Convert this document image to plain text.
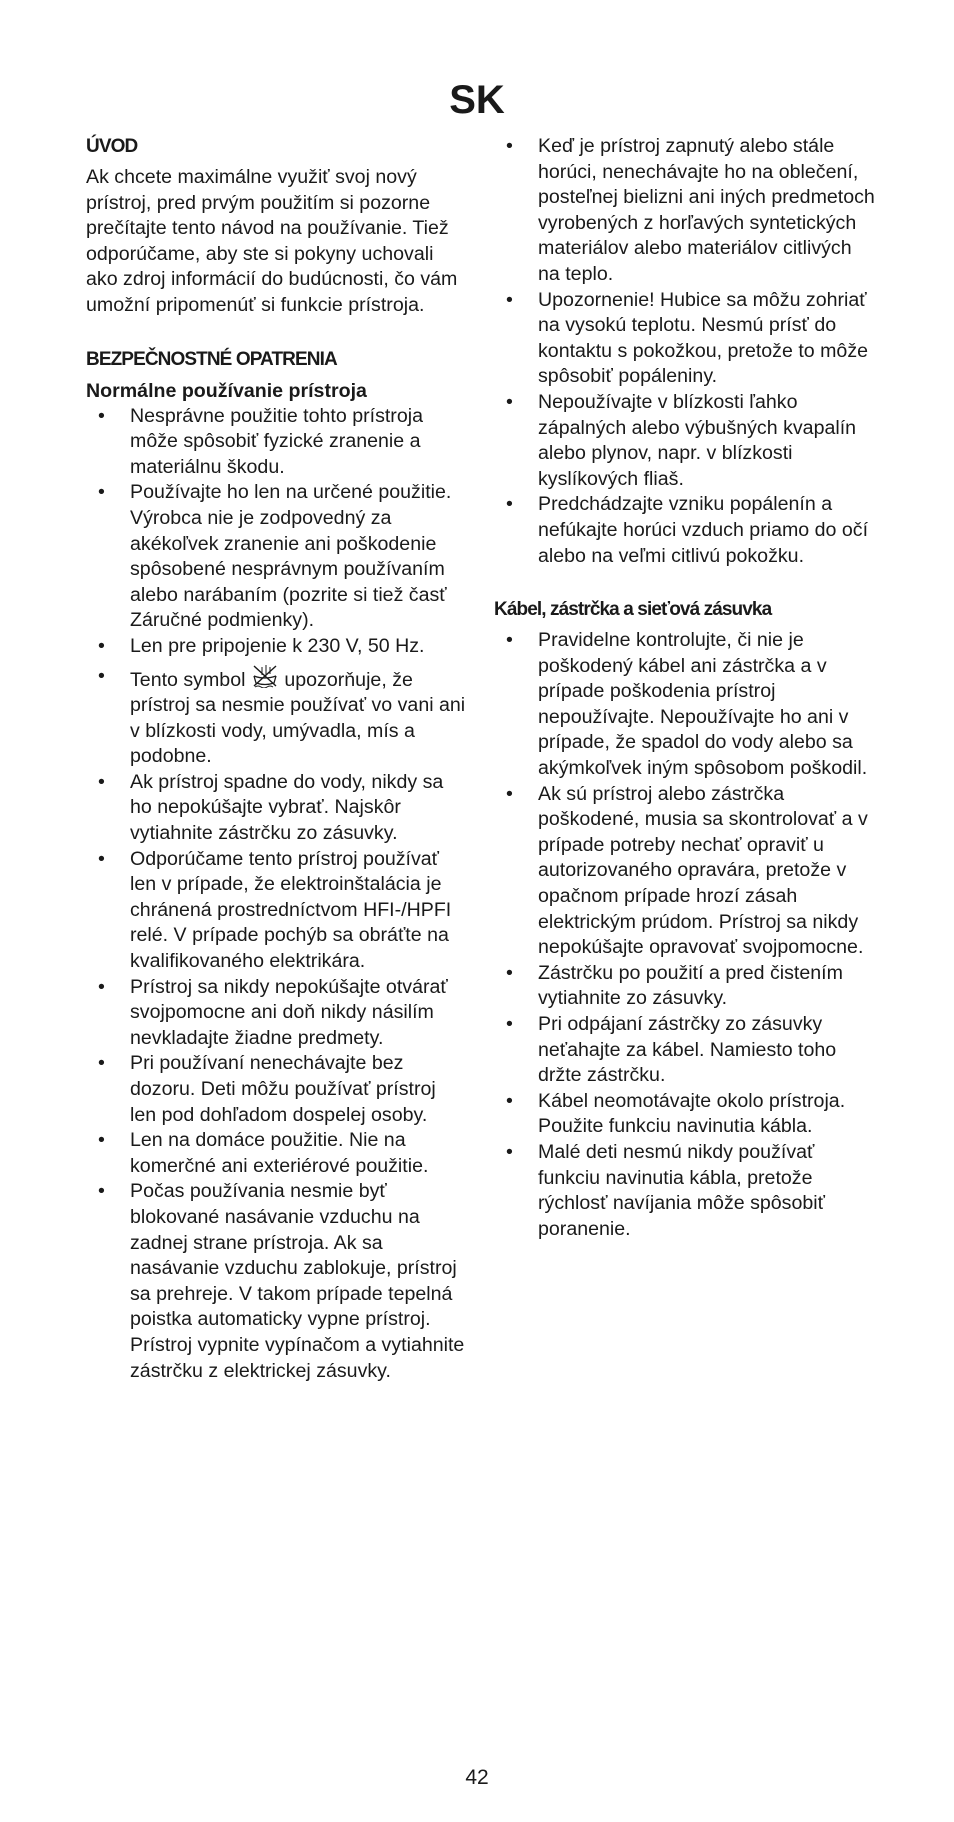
SK
ÚVOD

Ak chcete maximálne využiť svoj nový prístroj, pred prvým použitím si pozorne prečítajte tento návod na používanie. Tiež odporúčame, aby ste si pokyny uchovali ako zdroj informácií do budúcnosti, čo vám umožní pripomenúť si funkcie prístroja.

BEZPEČNOSTNÉ OPATRENIA
Normálne používanie prístroja
• Nesprávne použitie tohto prístroja môže spôsobiť fyzické zranenie a materiálnu škodu.
• Používajte ho len na určené použitie. Výrobca nie je zodpovedný za akékoľvek zranenie ani poškodenie spôsobené nesprávnym používaním alebo narábaním (pozrite si tiež časť Záručné podmienky).
• Len pre pripojenie k 230 V, 50 Hz.
• Tento symbol upozorňuje, že prístroj sa nesmie používať vo vani ani v blízkosti vody, umývadla, mís a podobne.
• Ak prístroj spadne do vody, nikdy sa ho nepokúšajte vybrať. Najskôr vytiahnite zástrčku zo zásuvky.
• Odporúčame tento prístroj používať len v prípade, že elektroinštalácia je chránená prostredníctvom HFI-/HPFI relé. V prípade pochýb sa obráťte na kvalifikovaného elektrikára.
• Prístroj sa nikdy nepokúšajte otvárať svojpomocne ani doň nikdy násilím nevkladajte žiadne predmety.
• Pri používaní nenechávajte bez dozoru. Deti môžu používať prístroj len pod dohľadom dospelej osoby.
• Len na domáce použitie. Nie na komerčné ani exteriérové použitie.
• Počas používania nesmie byť blokované nasávanie vzduchu na zadnej strane prístroja. Ak sa nasávanie vzduchu zablokuje, prístroj sa prehreje. V takom prípade tepelná poistka automaticky vypne prístroj. Prístroj vypnite vypínačom a vytiahnite zástrčku z elektrickej zásuvky.
• Keď je prístroj zapnutý alebo stále horúci, nenechávajte ho na oblečení, posteľnej bielizni ani iných predmetoch vyrobených z horľavých syntetických materiálov alebo materiálov citlivých na teplo.
• Upozornenie! Hubice sa môžu zohriať na vysokú teplotu. Nesmú prísť do kontaktu s pokožkou, pretože to môže spôsobiť popáleniny.
• Nepoužívajte v blízkosti ľahko zápalných alebo výbušných kvapalín alebo plynov, napr. v blízkosti kyslíkových fliaš.
• Predchádzajte vzniku popálenín a nefúkajte horúci vzduch priamo do očí alebo na veľmi citlivú pokožku.
Kábel, zástrčka a sieťová zásuvka
• Pravidelne kontrolujte, či nie je poškodený kábel ani zástrčka a v prípade poškodenia prístroj nepoužívajte. Nepoužívajte ho ani v prípade, že spadol do vody alebo sa akýmkoľvek iným spôsobom poškodil.
• Ak sú prístroj alebo zástrčka poškodené, musia sa skontrolovať a v prípade potreby nechať opraviť u autorizovaného opravára, pretože v opačnom prípade hrozí zásah elektrickým prúdom. Prístroj sa nikdy nepokúšajte opravovať svojpomocne.
• Zástrčku po použití a pred čistením vytiahnite zo zásuvky.
• Pri odpájaní zástrčky zo zásuvky neťahajte za kábel. Namiesto toho držte zástrčku.
• Kábel neomotávajte okolo prístroja. Použite funkciu navinutia kábla.
• Malé deti nesmú nikdy používať funkciu navinutia kábla, pretože rýchlosť navíjania môže spôsobiť poranenie.
42
